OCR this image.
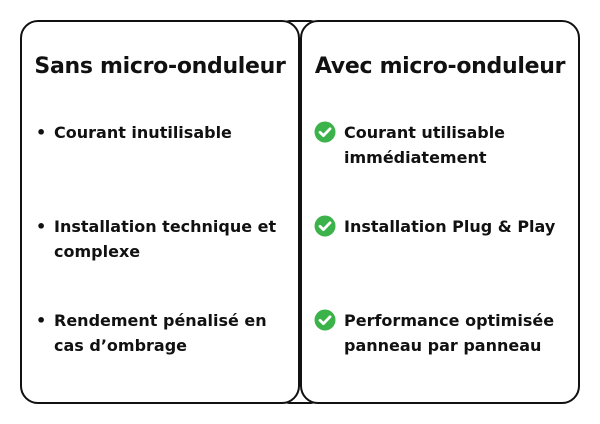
Sans micro-onduleur
• Courant inutilisable
• Installation technique et complexe
• Rendement pénalisé en cas d’ombrage
Avec micro-onduleur
Courant utilisable immédiatement
Installation Plug & Play
Performance optimisée panneau par panneau
